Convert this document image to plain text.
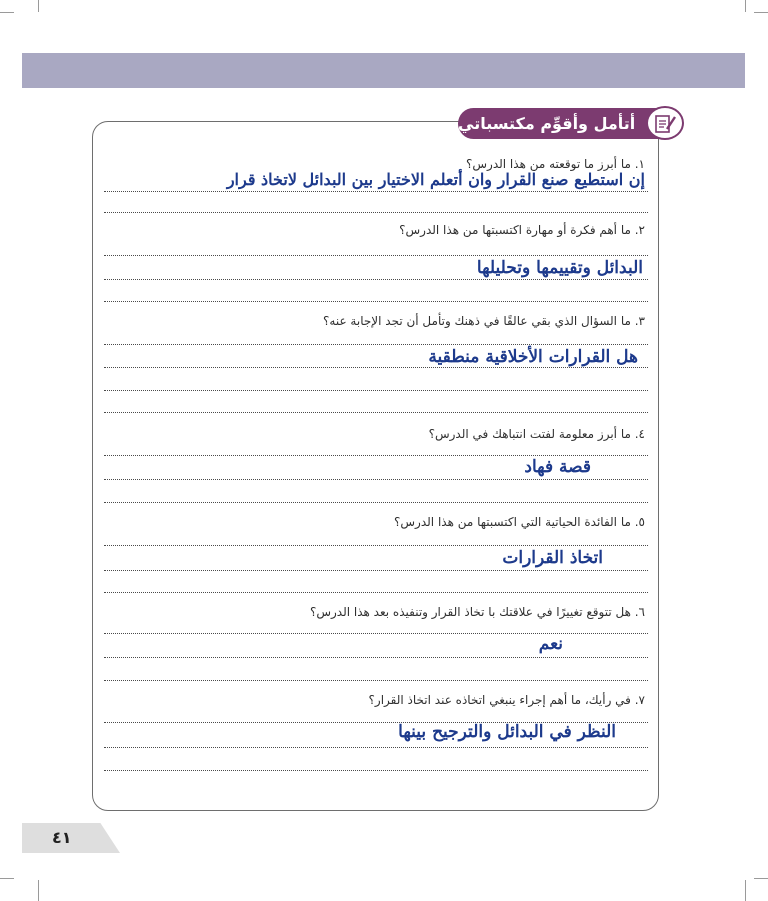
أتأمل وأقوِّم مكتسباتي
١. ما أبرز ما توقعته من هذا الدرس؟
إن استطيع صنع القرار وان أتعلم الاختيار بين البدائل لاتخاذ قرار
٢. ما أهم فكرة أو مهارة اكتسبتها من هذا الدرس؟
البدائل وتقييمها وتحليلها
٣. ما السؤال الذي بقي عالقًا في ذهنك وتأمل أن تجد الإجابة عنه؟
هل القرارات الأخلاقية منطقية
٤. ما أبرز معلومة لفتت انتباهك في الدرس؟
قصة فهاد
٥. ما الفائدة الحياتية التي اكتسبتها من هذا الدرس؟
اتخاذ القرارات
٦. هل تتوقع تغييرًا في علاقتك با تخاذ القرار وتنفيذه بعد هذا الدرس؟
نعم
٧. في رأيك، ما أهم إجراء ينبغي اتخاذه عند اتخاذ القرار؟
النظر في البدائل والترجيح بينها
٤١
